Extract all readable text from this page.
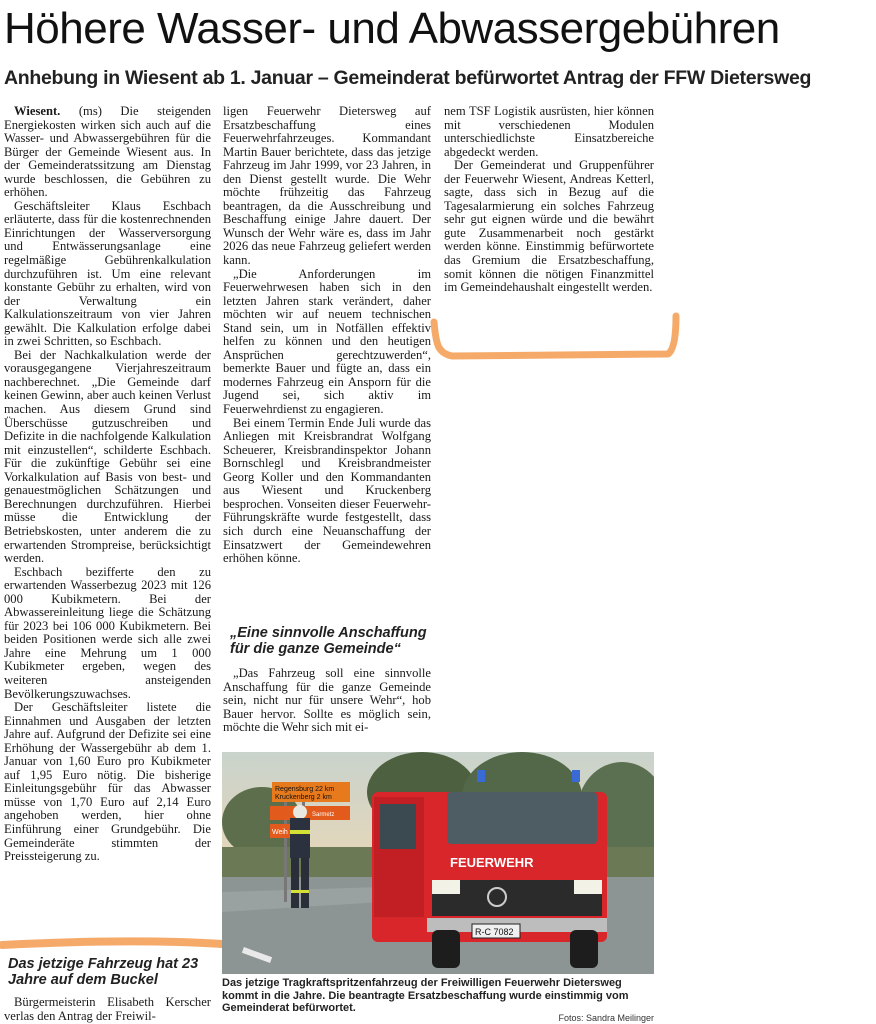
Höhere Wasser- und Abwassergebühren
Anhebung in Wiesent ab 1. Januar – Gemeinderat befürwortet Antrag der FFW Dietersweg

Wiesent. (ms) Die steigenden Energiekosten wirken sich auch auf die Wasser- und Abwassergebühren für die Bürger der Gemeinde Wiesent aus. In der Gemeinderatssitzung am Dienstag wurde beschlossen, die Gebühren zu erhöhen.

Geschäftsleiter Klaus Eschbach erläuterte, dass für die kostenrechnenden Einrichtungen der Wasserversorgung und Entwässerungsanlage eine regelmäßige Gebührenkalkulation durchzuführen ist. Um eine relevant konstante Gebühr zu erhalten, wird von der Verwaltung ein Kalkulationszeitraum von vier Jahren gewählt. Die Kalkulation erfolge dabei in zwei Schritten, so Eschbach.

Bei der Nachkalkulation werde der vorausgegangene Vierjahreszeitraum nachberechnet. „Die Gemeinde darf keinen Gewinn, aber auch keinen Verlust machen. Aus diesem Grund sind Überschüsse gutzuschreiben und Defizite in die nachfolgende Kalkulation mit einzustellen“, schilderte Eschbach. Für die zukünftige Gebühr sei eine Vorkalkulation auf Basis von best- und genauestmöglichen Schätzungen und Berechnungen durchzuführen. Hierbei müsse die Entwicklung der Betriebskosten, unter anderem die zu erwartenden Strompreise, berücksichtigt werden.

Eschbach bezifferte den zu erwartenden Wasserbezug 2023 mit 126 000 Kubikmetern. Bei der Abwassereinleitung liege die Schätzung für 2023 bei 106 000 Kubikmetern. Bei beiden Positionen werde sich alle zwei Jahre eine Mehrung um 1 000 Kubikmeter ergeben, wegen des weiteren ansteigenden Bevölkerungszuwachses.

Der Geschäftsleiter listete die Einnahmen und Ausgaben der letzten Jahre auf. Aufgrund der Defizite sei eine Erhöhung der Wassergebühr ab dem 1. Januar von 1,60 Euro pro Kubikmeter auf 1,95 Euro nötig. Die bisherige Einleitungsgebühr für das Abwasser müsse von 1,70 Euro auf 2,14 Euro angehoben werden, hier ohne Einführung einer Grundgebühr. Die Gemeinderäte stimmten der Preissteigerung zu.

Das jetzige Fahrzeug hat 23 Jahre auf dem Buckel

Bürgermeisterin Elisabeth Kerscher verlas den Antrag der Freiwil-

ligen Feuerwehr Dietersweg auf Ersatzbeschaffung eines Feuerwehrfahrzeuges. Kommandant Martin Bauer berichtete, dass das jetzige Fahrzeug im Jahr 1999, vor 23 Jahren, in den Dienst gestellt wurde. Die Wehr möchte frühzeitig das Fahrzeug beantragen, da die Ausschreibung und Beschaffung einige Jahre dauert. Der Wunsch der Wehr wäre es, dass im Jahr 2026 das neue Fahrzeug geliefert werden kann.

„Die Anforderungen im Feuerwehrwesen haben sich in den letzten Jahren stark verändert, daher möchten wir auf neuem technischen Stand sein, um in Notfällen effektiv helfen zu können und den heutigen Ansprüchen gerechtzuwerden“, bemerkte Bauer und fügte an, dass ein modernes Fahrzeug ein Ansporn für die Jugend sei, sich aktiv im Feuerwehrdienst zu engagieren.

Bei einem Termin Ende Juli wurde das Anliegen mit Kreisbrandrat Wolfgang Scheuerer, Kreisbrandinspektor Johann Bornschlegl und Kreisbrandmeister Georg Koller und den Kommandanten aus Wiesent und Kruckenberg besprochen. Vonseiten dieser Feuerwehr-Führungskräfte wurde festgestellt, dass sich durch eine Neuanschaffung der Einsatzwert der Gemeindewehren erhöhen könne.

„Eine sinnvolle Anschaffung für die ganze Gemeinde“

„Das Fahrzeug soll eine sinnvolle Anschaffung für die ganze Gemeinde sein, nicht nur für unsere Wehr“, hob Bauer hervor. Sollte es möglich sein, möchte die Wehr sich mit ei-

nem TSF Logistik ausrüsten, hier können mit verschiedenen Modulen unterschiedlichste Einsatzbereiche abgedeckt werden.

Der Gemeinderat und Gruppenführer der Feuerwehr Wiesent, Andreas Ketterl, sagte, dass sich in Bezug auf die Tagesalarmierung ein solches Fahrzeug sehr gut eignen würde und die bewährt gute Zusammenarbeit noch gestärkt werden könne. Einstimmig befürwortete das Gremium die Ersatzbeschaffung, somit können die nötigen Finanzmittel im Gemeindehaushalt eingestellt werden.

Regensburg 22 km
Kruckenberg 2 km
Sarmetz
Weih
FEUERWEHR
R-C 7082
Das jetzige Tragkraftspritzenfahrzeug der Freiwilligen Feuerwehr Dietersweg kommt in die Jahre. Die beantragte Ersatzbeschaffung wurde einstimmig vom Gemeinderat befürwortet.
Fotos: Sandra Meilinger
